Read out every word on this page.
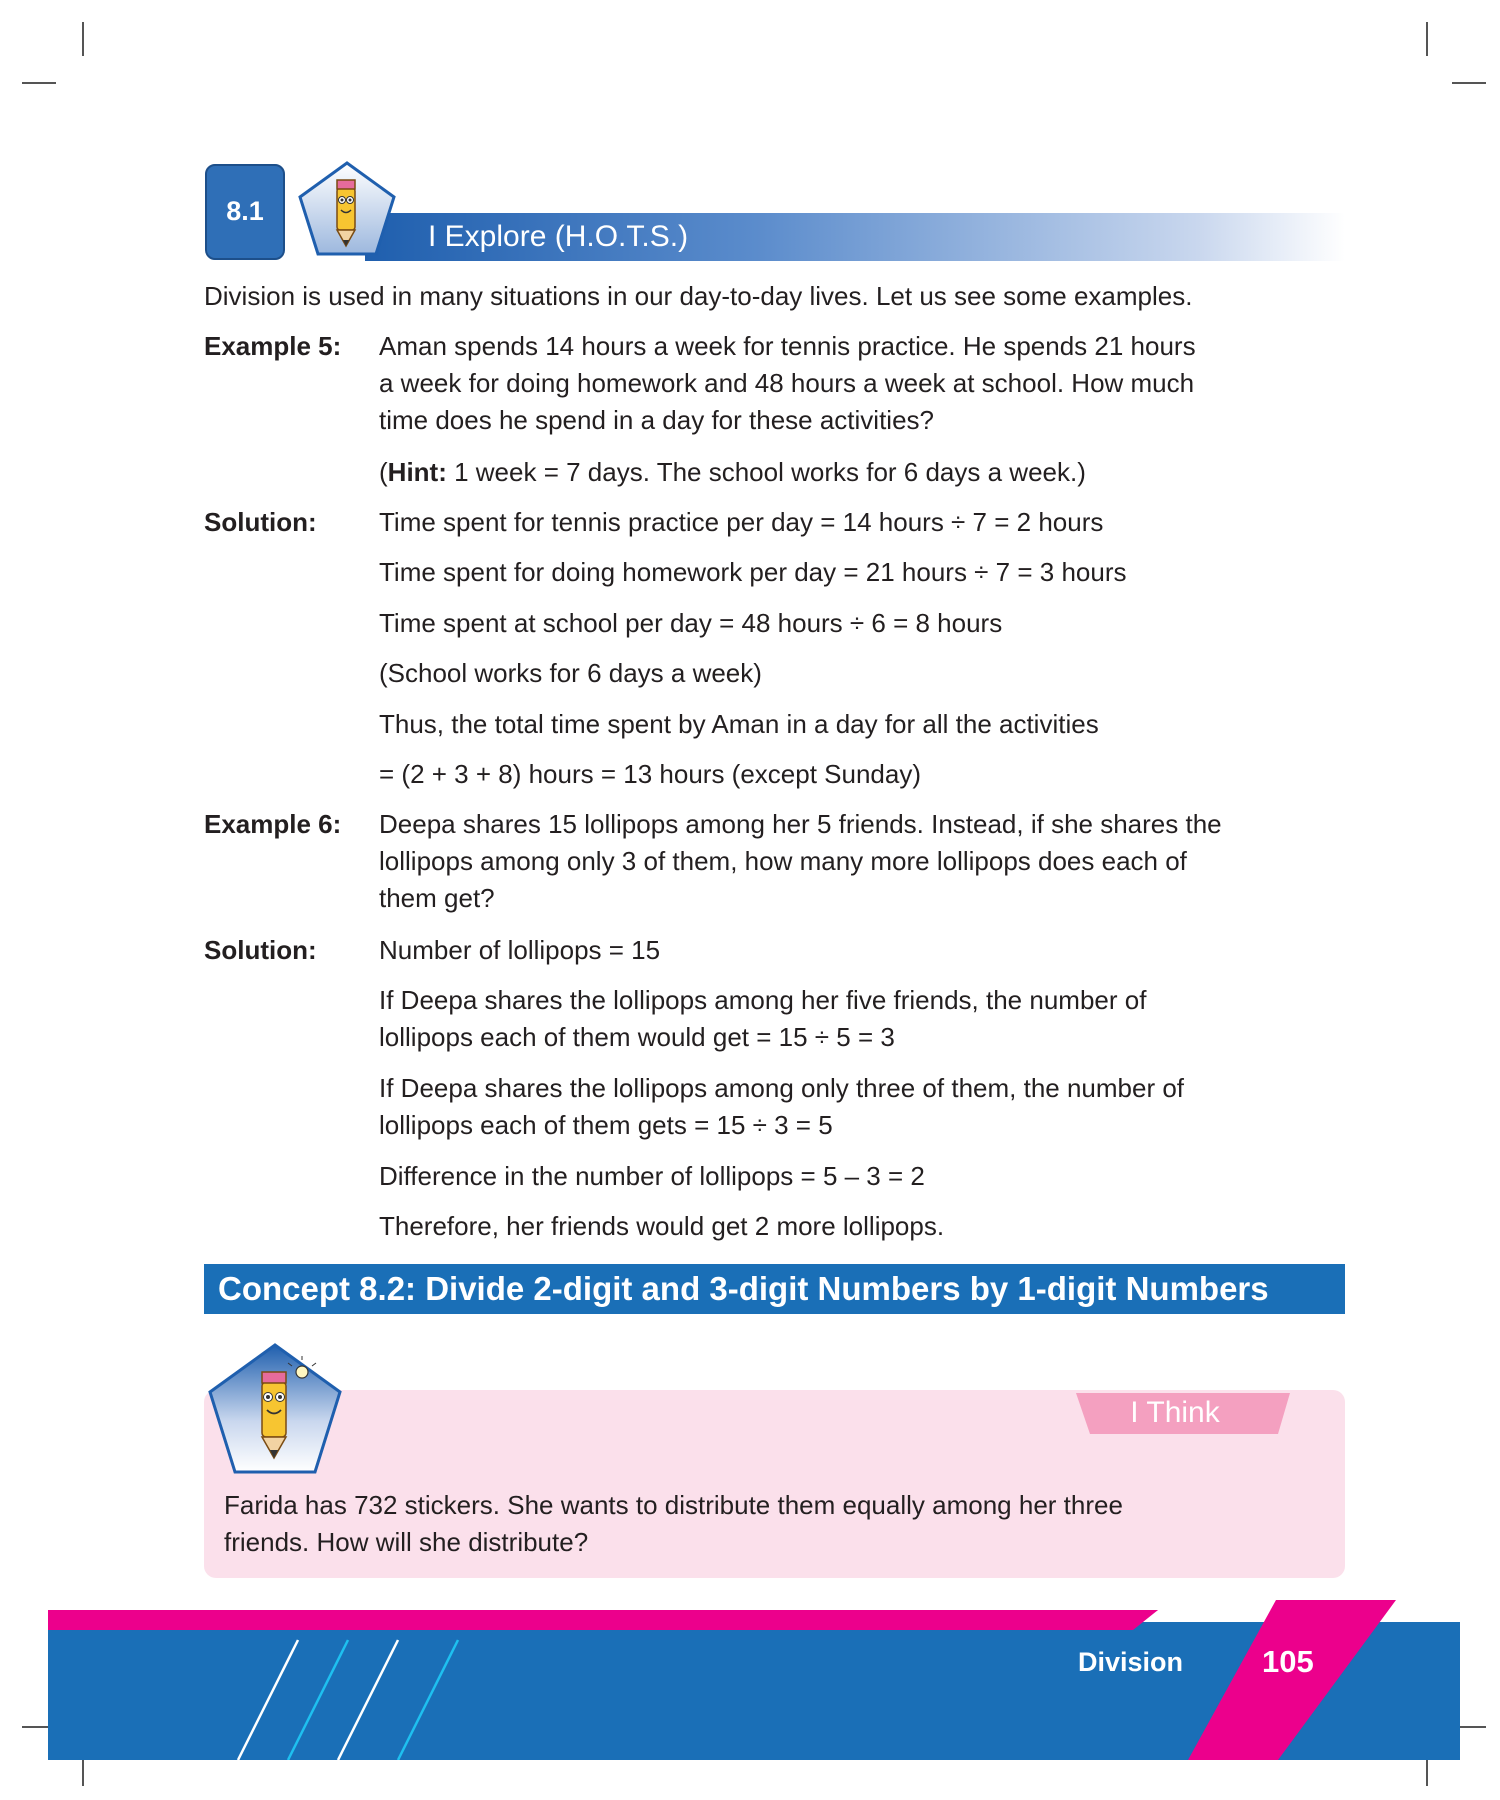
8.1
I Explore (H.O.T.S.)
Division is used in many situations in our day-to-day lives. Let us see some examples.
Example 5: Aman spends 14 hours a week for tennis practice. He spends 21 hours
a week for doing homework and 48 hours a week at school. How much
time does he spend in a day for these activities?
(Hint: 1 week = 7 days. The school works for 6 days a week.)
Solution: Time spent for tennis practice per day = 14 hours ÷ 7 = 2 hours
Time spent for doing homework per day = 21 hours ÷ 7 = 3 hours
Time spent at school per day = 48 hours ÷ 6 = 8 hours
(School works for 6 days a week)
Thus, the total time spent by Aman in a day for all the activities
= (2 + 3 + 8) hours = 13 hours (except Sunday)
Example 6: Deepa shares 15 lollipops among her 5 friends. Instead, if she shares the
lollipops among only 3 of them, how many more lollipops does each of
them get?
Solution: Number of lollipops = 15
If Deepa shares the lollipops among her five friends, the number of
lollipops each of them would get = 15 ÷ 5 = 3
If Deepa shares the lollipops among only three of them, the number of
lollipops each of them gets = 15 ÷ 3 = 5
Difference in the number of lollipops = 5 – 3 = 2
Therefore, her friends would get 2 more lollipops.
Concept 8.2: Divide 2-digit and 3-digit Numbers by 1-digit Numbers
I Think
Farida has 732 stickers. She wants to distribute them equally among her three
friends. How will she distribute?
Division	105
